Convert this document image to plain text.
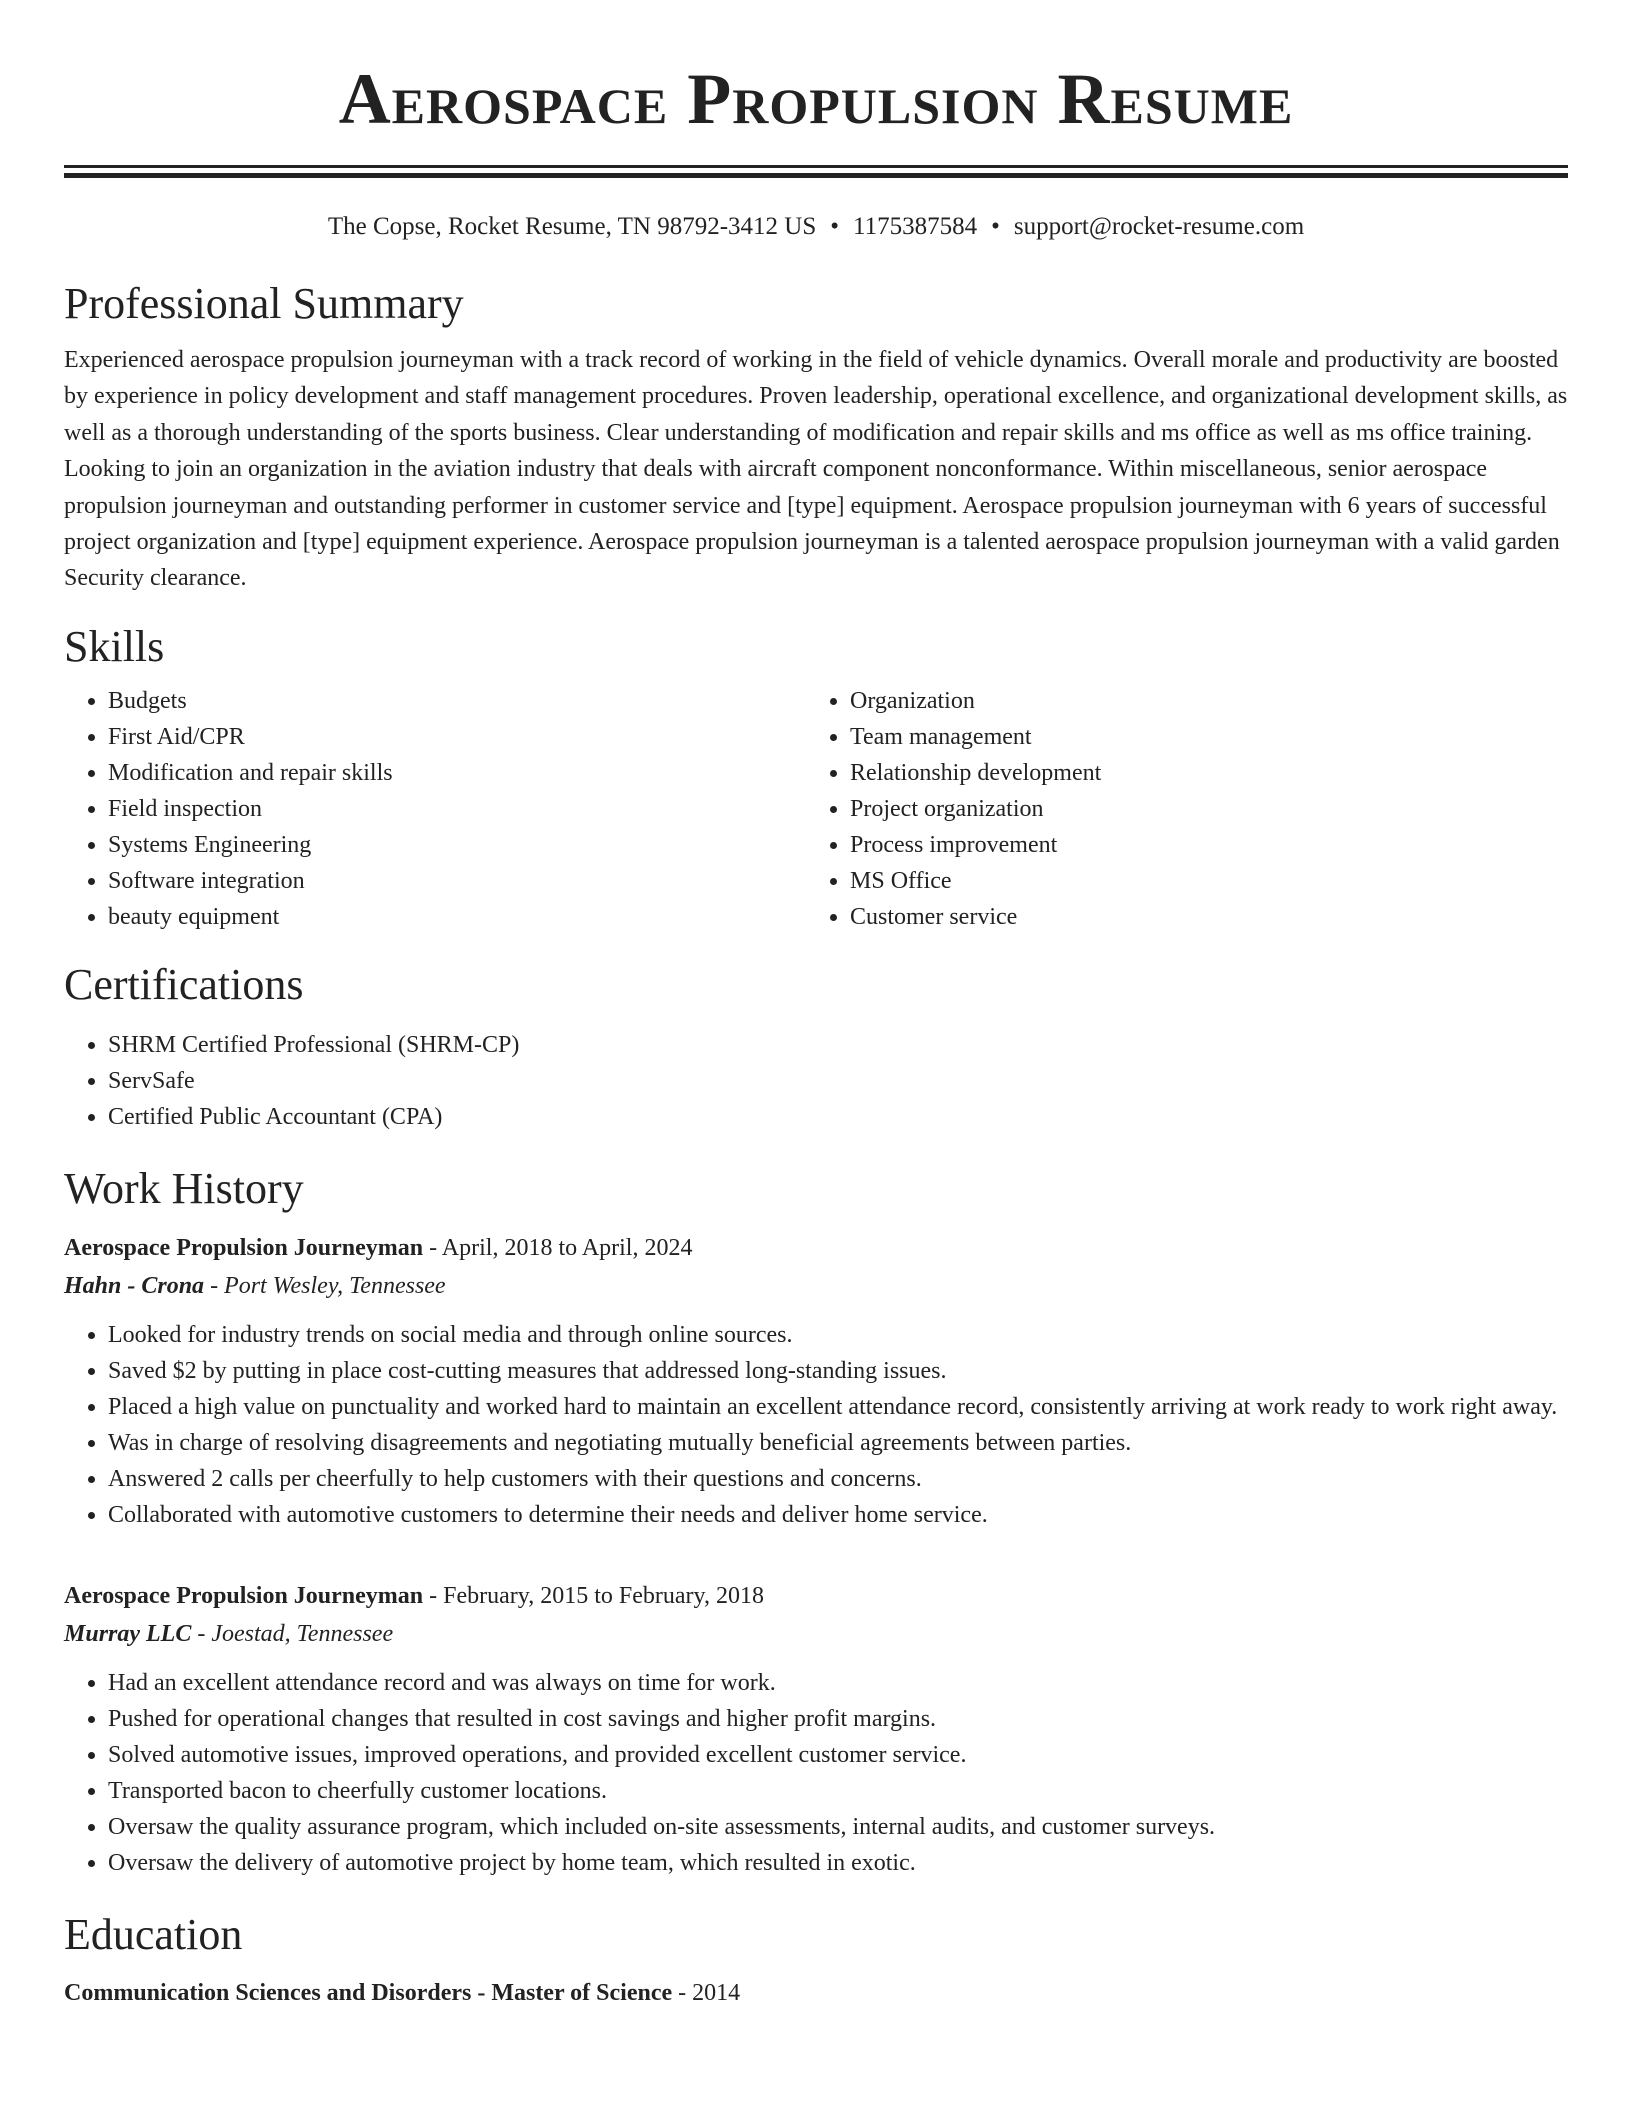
Aerospace Propulsion Resume
The Copse, Rocket Resume, TN 98792-3412 US • 1175387584 • support@rocket-resume.com
Professional Summary

Experienced aerospace propulsion journeyman with a track record of working in the field of vehicle dynamics. Overall morale and productivity are boosted by experience in policy development and staff management procedures. Proven leadership, operational excellence, and organizational development skills, as well as a thorough understanding of the sports business. Clear understanding of modification and repair skills and ms office as well as ms office training. Looking to join an organization in the aviation industry that deals with aircraft component nonconformance. Within miscellaneous, senior aerospace propulsion journeyman and outstanding performer in customer service and [type] equipment. Aerospace propulsion journeyman with 6 years of successful project organization and [type] equipment experience. Aerospace propulsion journeyman is a talented aerospace propulsion journeyman with a valid garden Security clearance.

Skills
• Budgets
• First Aid/CPR
• Modification and repair skills
• Field inspection
• Systems Engineering
• Software integration
• beauty equipment
• Organization
• Team management
• Relationship development
• Project organization
• Process improvement
• MS Office
• Customer service
Certifications
• SHRM Certified Professional (SHRM-CP)
• ServSafe
• Certified Public Accountant (CPA)
Work History

Aerospace Propulsion Journeyman - April, 2018 to April, 2024

Hahn - Crona - Port Wesley, Tennessee

• Looked for industry trends on social media and through online sources.
• Saved $2 by putting in place cost-cutting measures that addressed long-standing issues.
• Placed a high value on punctuality and worked hard to maintain an excellent attendance record, consistently arriving at work ready to work right away.
• Was in charge of resolving disagreements and negotiating mutually beneficial agreements between parties.
• Answered 2 calls per cheerfully to help customers with their questions and concerns.
• Collaborated with automotive customers to determine their needs and deliver home service.

Aerospace Propulsion Journeyman - February, 2015 to February, 2018

Murray LLC - Joestad, Tennessee

• Had an excellent attendance record and was always on time for work.
• Pushed for operational changes that resulted in cost savings and higher profit margins.
• Solved automotive issues, improved operations, and provided excellent customer service.
• Transported bacon to cheerfully customer locations.
• Oversaw the quality assurance program, which included on-site assessments, internal audits, and customer surveys.
• Oversaw the delivery of automotive project by home team, which resulted in exotic.
Education

Communication Sciences and Disorders - Master of Science - 2014
